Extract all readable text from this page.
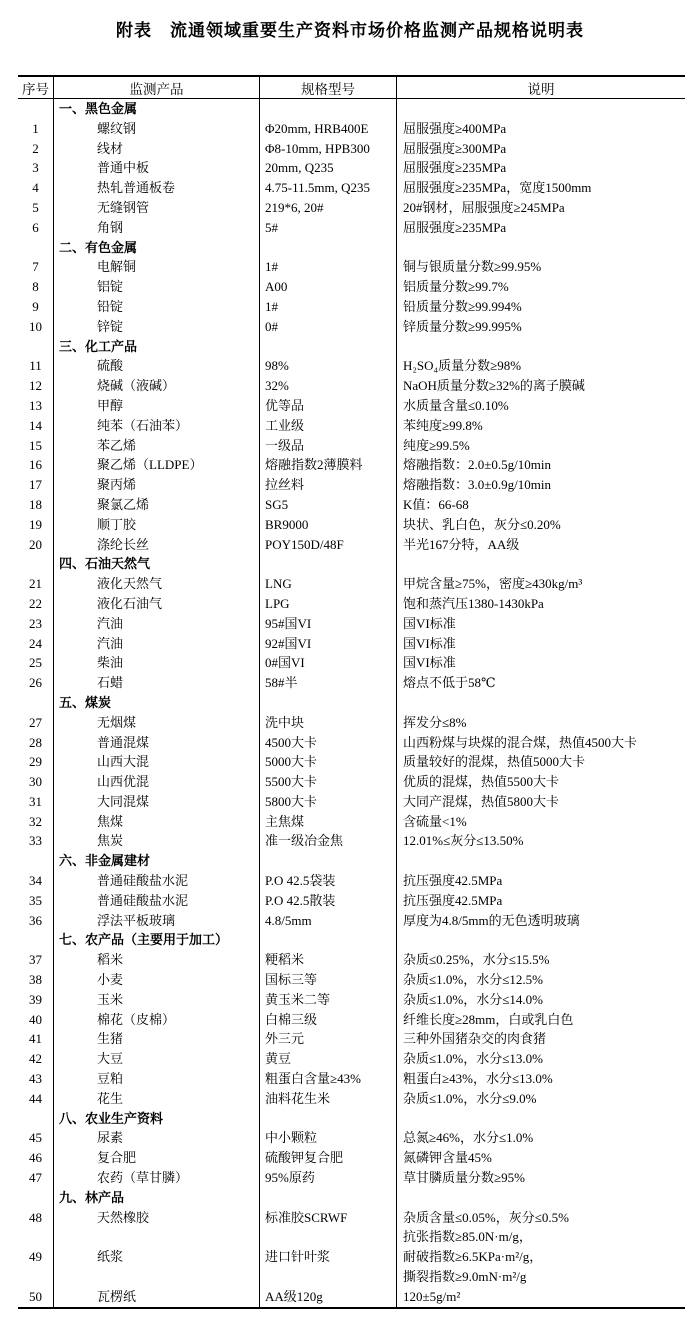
附表　流通领域重要生产资料市场价格监测产品规格说明表
序号	监测产品	规格型号	说明
一、黑色金属
1	螺纹钢	Φ20mm, HRB400E	屈服强度≥400MPa
2	线材	Φ8-10mm, HPB300	屈服强度≥300MPa
3	普通中板	20mm, Q235	屈服强度≥235MPa
4	热轧普通板卷	4.75-11.5mm, Q235	屈服强度≥235MPa，宽度1500mm
5	无缝钢管	219*6, 20#	20#钢材，屈服强度≥245MPa
6	角钢	5#	屈服强度≥235MPa
二、有色金属
7	电解铜	1#	铜与银质量分数≥99.95%
8	铝锭	A00	铝质量分数≥99.7%
9	铅锭	1#	铅质量分数≥99.994%
10	锌锭	0#	锌质量分数≥99.995%
三、化工产品
11	硫酸	98%	H₂SO₄质量分数≥98%
12	烧碱（液碱）	32%	NaOH质量分数≥32%的离子膜碱
13	甲醇	优等品	水质量含量≤0.10%
14	纯苯（石油苯）	工业级	苯纯度≥99.8%
15	苯乙烯	一级品	纯度≥99.5%
16	聚乙烯（LLDPE）	熔融指数2薄膜料	熔融指数：2.0±0.5g/10min
17	聚丙烯	拉丝料	熔融指数：3.0±0.9g/10min
18	聚氯乙烯	SG5	K值：66-68
19	顺丁胶	BR9000	块状、乳白色，灰分≤0.20%
20	涤纶长丝	POY150D/48F	半光167分特，AA级
四、石油天然气
21	液化天然气	LNG	甲烷含量≥75%，密度≥430kg/m³
22	液化石油气	LPG	饱和蒸汽压1380-1430kPa
23	汽油	95#国VI	国VI标准
24	汽油	92#国VI	国VI标准
25	柴油	0#国VI	国VI标准
26	石蜡	58#半	熔点不低于58℃
五、煤炭
27	无烟煤	洗中块	挥发分≤8%
28	普通混煤	4500大卡	山西粉煤与块煤的混合煤，热值4500大卡
29	山西大混	5000大卡	质量较好的混煤，热值5000大卡
30	山西优混	5500大卡	优质的混煤，热值5500大卡
31	大同混煤	5800大卡	大同产混煤，热值5800大卡
32	焦煤	主焦煤	含硫量<1%
33	焦炭	准一级冶金焦	12.01%≤灰分≤13.50%
六、非金属建材
34	普通硅酸盐水泥	P.O 42.5袋装	抗压强度42.5MPa
35	普通硅酸盐水泥	P.O 42.5散装	抗压强度42.5MPa
36	浮法平板玻璃	4.8/5mm	厚度为4.8/5mm的无色透明玻璃
七、农产品（主要用于加工）
37	稻米	粳稻米	杂质≤0.25%，水分≤15.5%
38	小麦	国标三等	杂质≤1.0%，水分≤12.5%
39	玉米	黄玉米二等	杂质≤1.0%，水分≤14.0%
40	棉花（皮棉）	白棉三级	纤维长度≥28mm，白或乳白色
41	生猪	外三元	三种外国猪杂交的肉食猪
42	大豆	黄豆	杂质≤1.0%，水分≤13.0%
43	豆粕	粗蛋白含量≥43%	粗蛋白≥43%，水分≤13.0%
44	花生	油料花生米	杂质≤1.0%，水分≤9.0%
八、农业生产资料
45	尿素	中小颗粒	总氮≥46%，水分≤1.0%
46	复合肥	硫酸钾复合肥	氮磷钾含量45%
47	农药（草甘膦）	95%原药	草甘膦质量分数≥95%
九、林产品
48	天然橡胶	标准胶SCRWF	杂质含量≤0.05%，灰分≤0.5%
抗张指数≥85.0N·m/g，
49	纸浆	进口针叶浆	耐破指数≥6.5KPa·m²/g，
撕裂指数≥9.0mN·m²/g
50	瓦楞纸	AA级120g	120±5g/m²
